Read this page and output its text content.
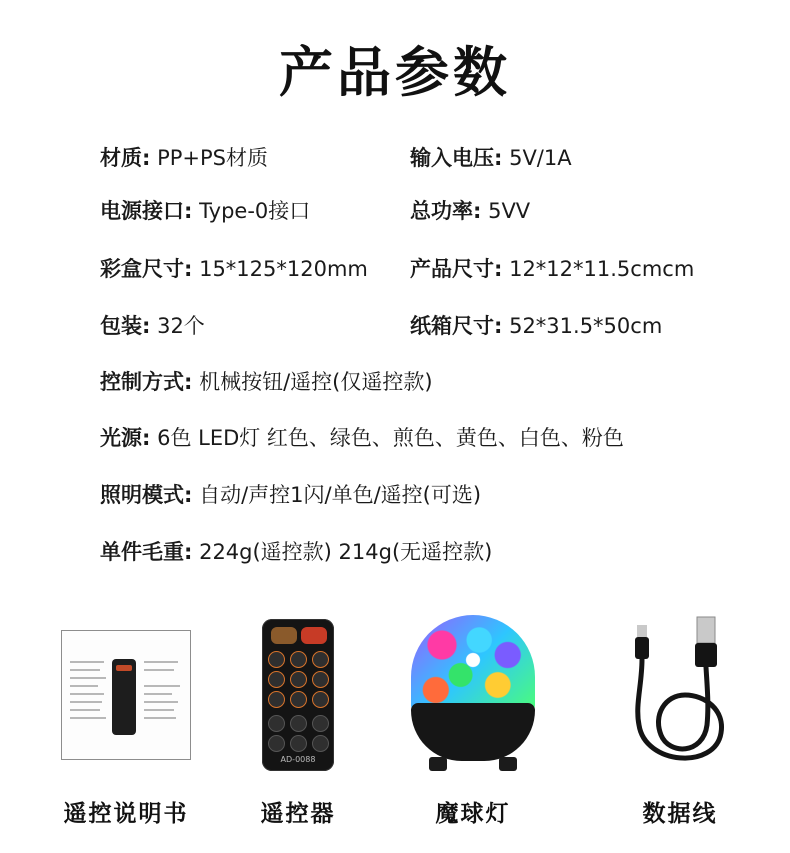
产品参数
材质: PP+PS材质	输入电压: 5V/1A
电源接口: Type-0接口	总功率: 5VV
彩盒尺寸: 15*125*120mm 产品尺寸: 12*12*11.5cmcm
包装: 32个	纸箱尺寸: 52*31.5*50cm
控制方式: 机械按钮/遥控(仅遥控款)
光源: 6色 LED灯 红色、绿色、煎色、黄色、白色、粉色
照明模式: 自动/声控1闪/单色/遥控(可选)
单件毛重: 224g(遥控款) 214g(无遥控款)
AD-0088
遥控说明书	遥控器	魔球灯	数据线
